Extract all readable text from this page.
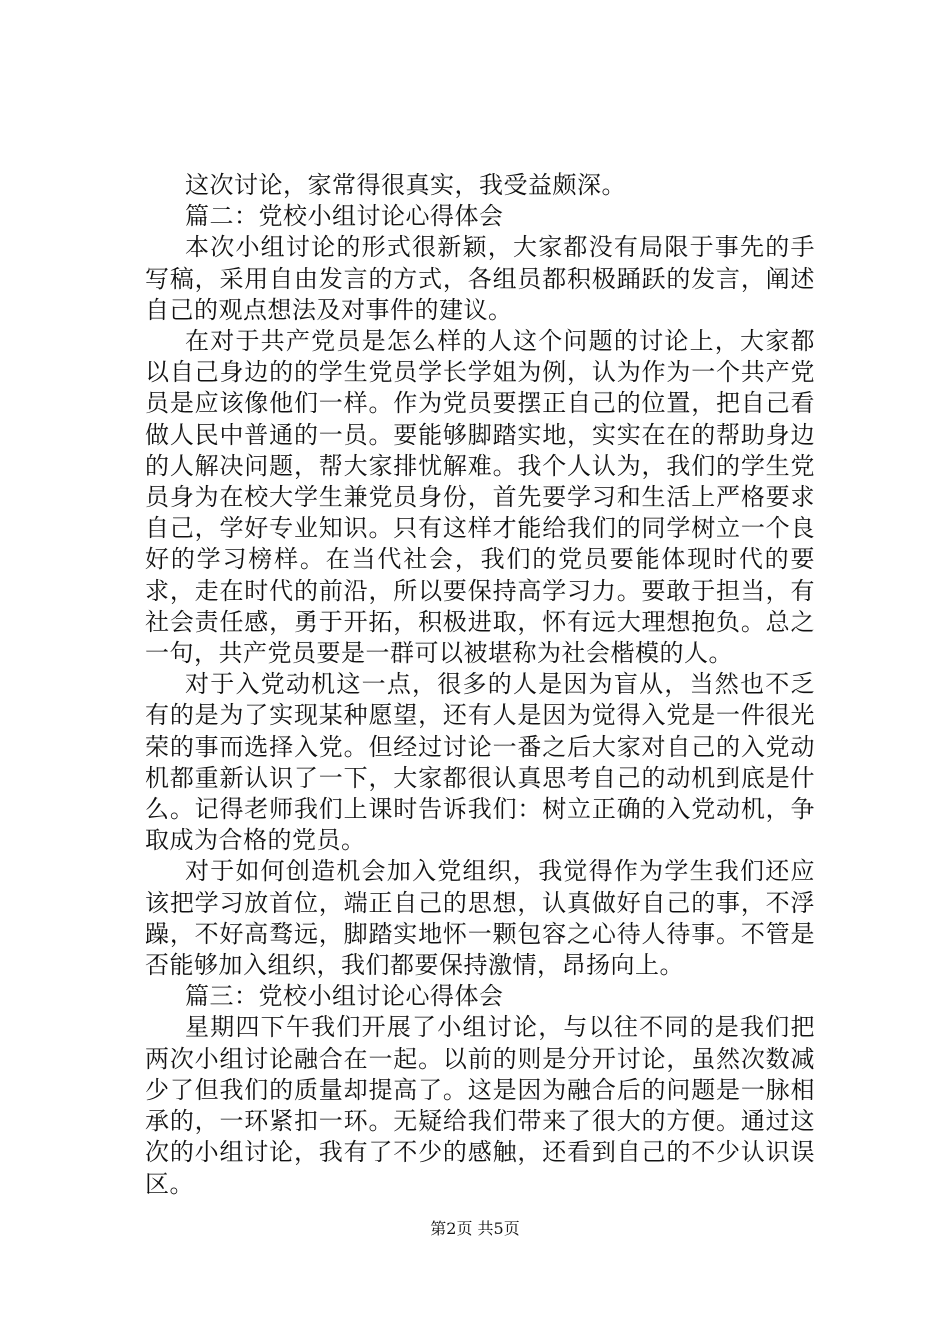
这次讨论，家常得很真实，我受益颇深。

篇二：党校小组讨论心得体会

本次小组讨论的形式很新颖，大家都没有局限于事先的手写稿，采用自由发言的方式，各组员都积极踊跃的发言，阐述自己的观点想法及对事件的建议。

在对于共产党员是怎么样的人这个问题的讨论上，大家都以自己身边的的学生党员学长学姐为例，认为作为一个共产党员是应该像他们一样。作为党员要摆正自己的位置，把自己看做人民中普通的一员。要能够脚踏实地，实实在在的帮助身边的人解决问题，帮大家排忧解难。我个人认为，我们的学生党员身为在校大学生兼党员身份，首先要学习和生活上严格要求自己，学好专业知识。只有这样才能给我们的同学树立一个良好的学习榜样。在当代社会，我们的党员要能体现时代的要求，走在时代的前沿，所以要保持高学习力。要敢于担当，有社会责任感，勇于开拓，积极进取，怀有远大理想抱负。总之一句，共产党员要是一群可以被堪称为社会楷模的人。

对于入党动机这一点，很多的人是因为盲从，当然也不乏有的是为了实现某种愿望，还有人是因为觉得入党是一件很光荣的事而选择入党。但经过讨论一番之后大家对自己的入党动机都重新认识了一下，大家都很认真思考自己的动机到底是什么。记得老师我们上课时告诉我们：树立正确的入党动机，争取成为合格的党员。

对于如何创造机会加入党组织，我觉得作为学生我们还应该把学习放首位，端正自己的思想，认真做好自己的事，不浮躁，不好高骛远，脚踏实地怀一颗包容之心待人待事。不管是否能够加入组织，我们都要保持激情，昂扬向上。

篇三：党校小组讨论心得体会

星期四下午我们开展了小组讨论，与以往不同的是我们把两次小组讨论融合在一起。以前的则是分开讨论，虽然次数减少了但我们的质量却提高了。这是因为融合后的问题是一脉相承的，一环紧扣一环。无疑给我们带来了很大的方便。通过这次的小组讨论，我有了不少的感触，还看到自己的不少认识误区。

第2页 共5页
